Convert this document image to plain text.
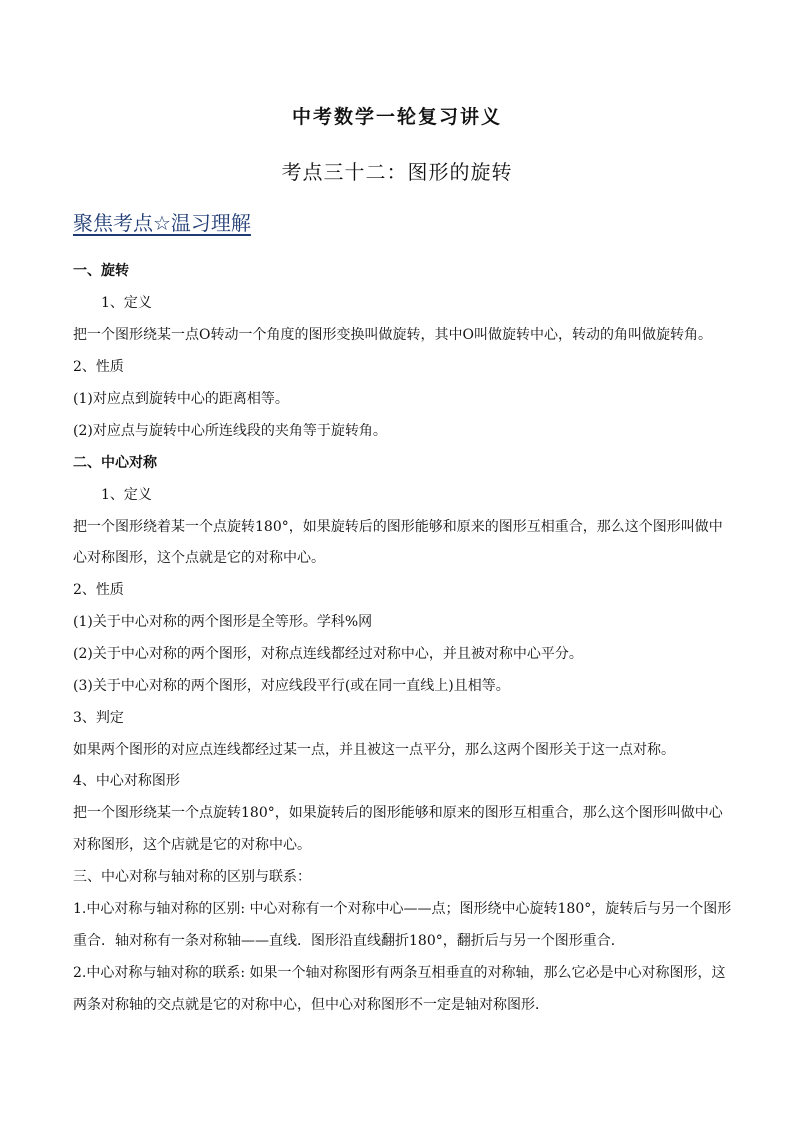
中考数学一轮复习讲义
考点三十二：图形的旋转
聚焦考点☆温习理解
一、旋转
1、定义
把一个图形绕某一点O转动一个角度的图形变换叫做旋转，其中O叫做旋转中心，转动的角叫做旋转角。
2、性质
(1)对应点到旋转中心的距离相等。
(2)对应点与旋转中心所连线段的夹角等于旋转角。
二、中心对称
1、定义
把一个图形绕着某一个点旋转180°，如果旋转后的图形能够和原来的图形互相重合，那么这个图形叫做中
心对称图形，这个点就是它的对称中心。
2、性质
(1)关于中心对称的两个图形是全等形。学科%网
(2)关于中心对称的两个图形，对称点连线都经过对称中心，并且被对称中心平分。
(3)关于中心对称的两个图形，对应线段平行(或在同一直线上)且相等。
3、判定
如果两个图形的对应点连线都经过某一点，并且被这一点平分，那么这两个图形关于这一点对称。
4、中心对称图形
把一个图形绕某一个点旋转180°，如果旋转后的图形能够和原来的图形互相重合，那么这个图形叫做中心
对称图形，这个店就是它的对称中心。
三、中心对称与轴对称的区别与联系：
1.中心对称与轴对称的区别: 中心对称有一个对称中心——点；图形绕中心旋转180°，旋转后与另一个图形
重合．轴对称有一条对称轴——直线．图形沿直线翻折180°，翻折后与另一个图形重合．
2.中心对称与轴对称的联系: 如果一个轴对称图形有两条互相垂直的对称轴，那么它必是中心对称图形，这
两条对称轴的交点就是它的对称中心，但中心对称图形不一定是轴对称图形．
